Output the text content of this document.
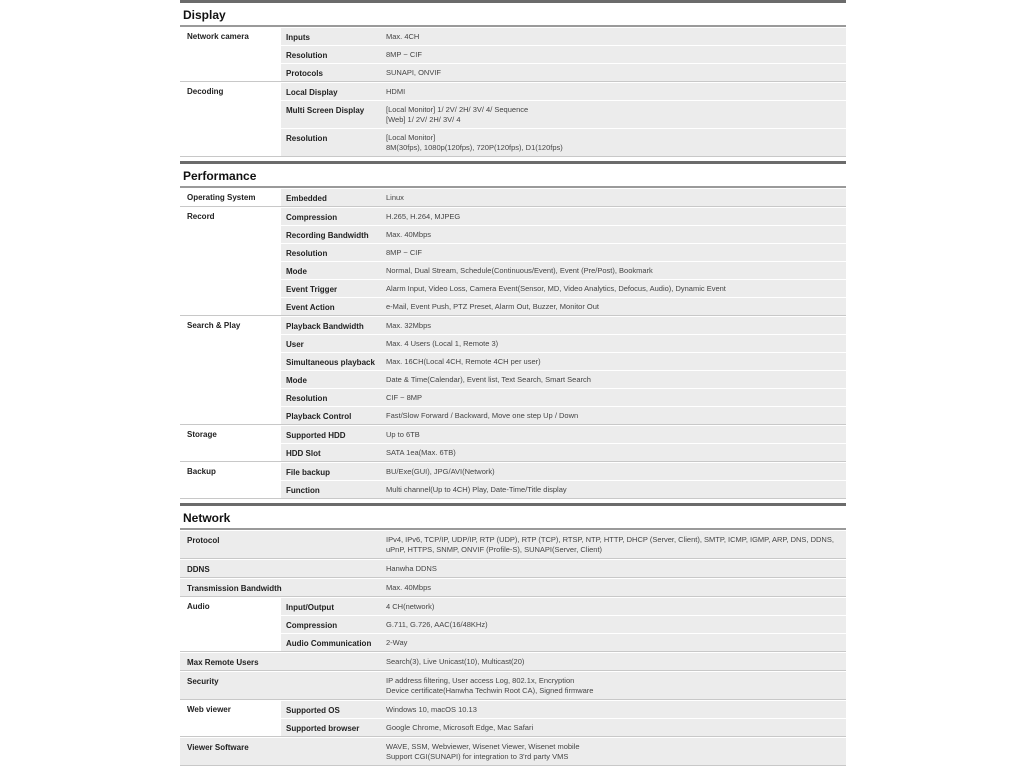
Display
Network camera	Inputs	Max. 4CH
Resolution	8MP ~ CIF
Protocols	SUNAPI, ONVIF
Decoding	Local Display	HDMI
Multi Screen Display	[Local Monitor] 1/ 2V/ 2H/ 3V/ 4/ Sequence
[Web] 1/ 2V/ 2H/ 3V/ 4
Resolution	[Local Monitor]
8M(30fps), 1080p(120fps), 720P(120fps), D1(120fps)
Performance
Operating System	Embedded	Linux
Record	Compression	H.265, H.264, MJPEG
Recording Bandwidth	Max. 40Mbps
Resolution	8MP ~ CIF
Mode	Normal, Dual Stream, Schedule(Continuous/Event), Event (Pre/Post), Bookmark
Event Trigger	Alarm Input, Video Loss, Camera Event(Sensor, MD, Video Analytics, Defocus, Audio), Dynamic Event
Event Action	e-Mail, Event Push, PTZ Preset, Alarm Out, Buzzer, Monitor Out
Search & Play	Playback Bandwidth	Max. 32Mbps
User	Max. 4 Users (Local 1, Remote 3)
Simultaneous playback	Max. 16CH(Local 4CH, Remote 4CH per user)
Mode	Date & Time(Calendar), Event list, Text Search, Smart Search
Resolution	CIF ~ 8MP
Playback Control	Fast/Slow Forward / Backward, Move one step Up / Down
Storage	Supported HDD	Up to 6TB
HDD Slot	SATA 1ea(Max. 6TB)
Backup	File backup	BU/Exe(GUI), JPG/AVI(Network)
Function	Multi channel(Up to 4CH) Play, Date-Time/Title display
Network
Protocol	IPv4, IPv6, TCP/IP, UDP/IP, RTP (UDP), RTP (TCP), RTSP, NTP, HTTP, DHCP (Server, Client), SMTP, ICMP, IGMP, ARP, DNS, DDNS,
uPnP, HTTPS, SNMP, ONVIF (Profile-S), SUNAPI(Server, Client)
DDNS	Hanwha DDNS
Transmission Bandwidth	Max. 40Mbps
Audio	Input/Output	4 CH(network)
Compression	G.711, G.726, AAC(16/48KHz)
Audio Communication	2-Way
Max Remote Users	Search(3), Live Unicast(10), Multicast(20)
Security	IP address filtering, User access Log, 802.1x, Encryption
Device certificate(Hanwha Techwin Root CA), Signed firmware
Web viewer	Supported OS	Windows 10, macOS 10.13
Supported browser	Google Chrome, Microsoft Edge, Mac Safari
Viewer Software	WAVE, SSM, Webviewer, Wisenet Viewer, Wisenet mobile
Support CGI(SUNAPI) for integration to 3'rd party VMS
